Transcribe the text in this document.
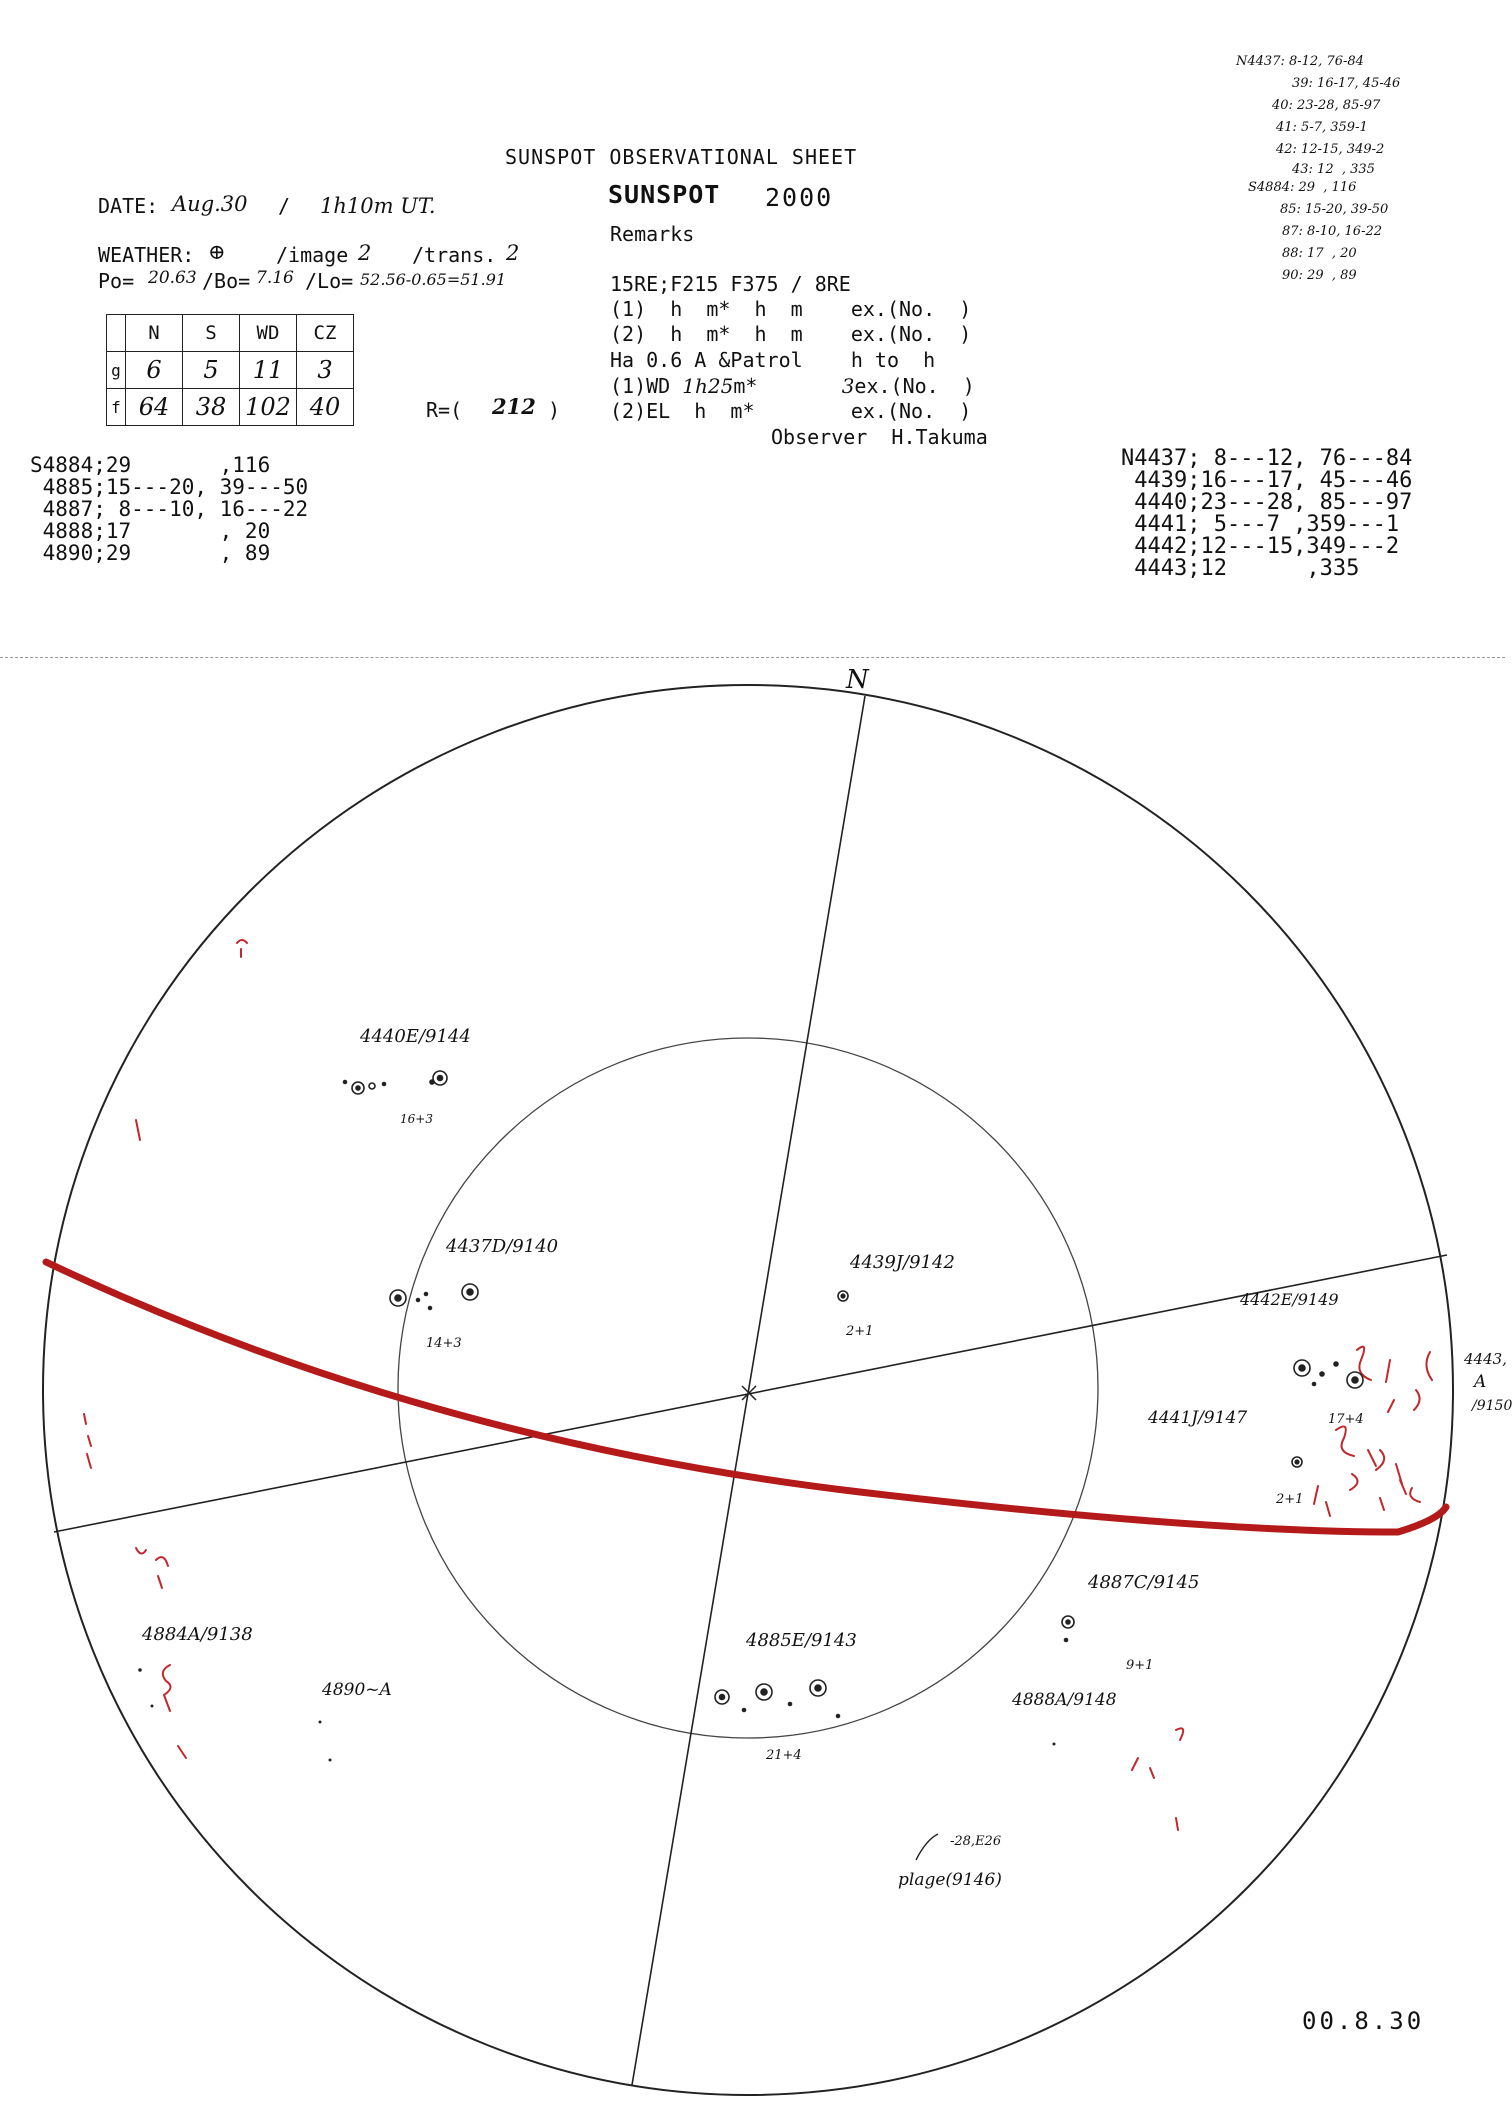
SUNSPOT OBSERVATIONAL SHEET
SUNSPOT 2000
Remarks
DATE: Aug.30 / 1h10m UT.
WEATHER: ⊕	/image 2 /trans. 2
Po= 20.63 /Bo= 7.16 /Lo= 52.56-0.65=51.91
	N	S	WD	CZ
g	6	5	11	3
f	64	38	102	40	R=( 212 )
15RE;F215 F375 / 8RE
(1)  h  m*  h  m    ex.(No.  )
(2)  h  m*  h  m    ex.(No.  )
Ha 0.6 A &Patrol    h to  h
(1)WD 1h25m*       3ex.(No.  )
(2)EL  h  m*        ex.(No.  )
Observer  H.Takuma
N4437: 8-12, 76-84
39: 16-17, 45-46
40: 23-28, 85-97
41: 5-7, 359-1
42: 12-15, 349-2
43: 12  , 335
S4884: 29  , 116
85: 15-20, 39-50
87: 8-10, 16-22
88: 17  , 20
90: 29  , 89
S4884;29       ,116
4885;15---20, 39---50
4887; 8---10, 16---22
4888;17       , 20
4890;29       , 89
N4437; 8---12, 76---84
4439;16---17, 45---46
4440;23---28, 85---97
4441; 5---7 ,359---1
4442;12---15,349---2
4443;12      ,335
N
4440E/9144
16+3
4437D/9140
14+3
4439J/9142
2+1
4442E/9149
17+4
4443,
A
/9150
4441J/9147
2+1
4887C/9145
9+1
4885E/9143
21+4
4888A/9148
4884A/9138
4890~A
-28,E26
plage(9146)
00.8.30
